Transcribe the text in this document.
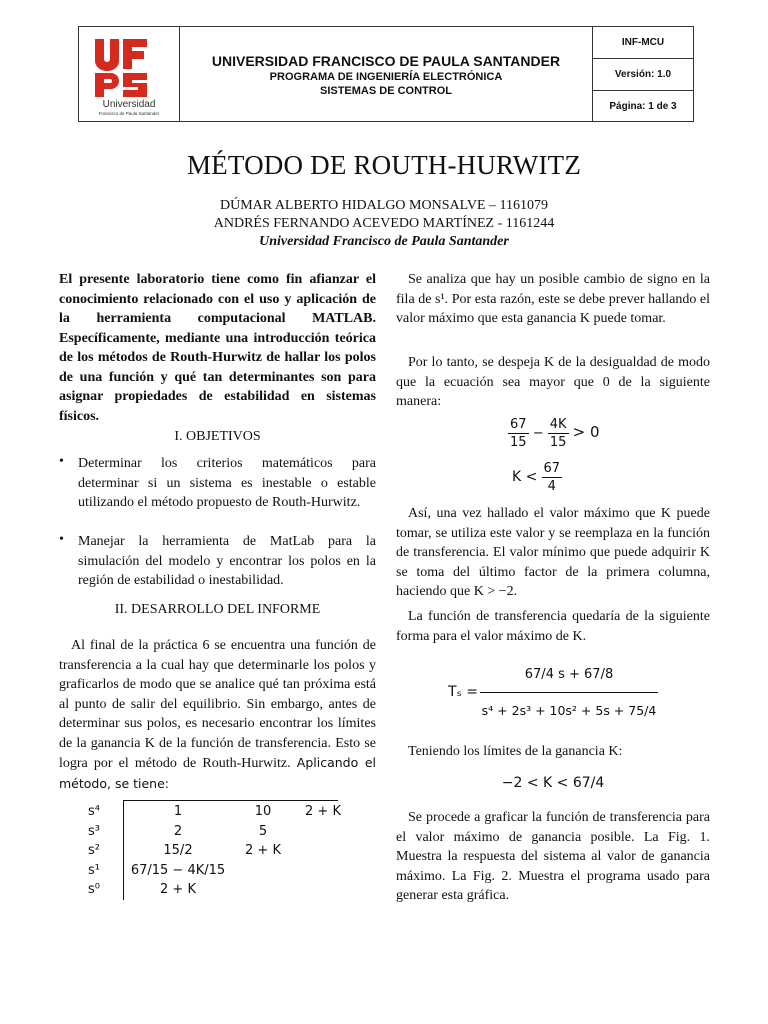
Universidad
Francisco de Paula Santander
UNIVERSIDAD FRANCISCO DE PAULA SANTANDER
PROGRAMA DE INGENIERÍA ELECTRÓNICA
SISTEMAS DE CONTROL
INF-MCU
Versión: 1.0
Página: 1 de 3
MÉTODO DE ROUTH-HURWITZ
DÚMAR ALBERTO HIDALGO MONSALVE – 1161079
ANDRÉS FERNANDO ACEVEDO MARTÍNEZ - 1161244
Universidad Francisco de Paula Santander
El presente laboratorio tiene como fin afianzar el conocimiento relacionado con el uso y aplicación de la herramienta computacional MATLAB. Específicamente, mediante una introducción teórica de los métodos de Routh-Hurwitz de hallar los polos de una función y qué tan determinantes son para asignar propiedades de estabilidad en sistemas físicos.
I. OBJETIVOS
• Determinar los criterios matemáticos para determinar si un sistema es inestable o estable utilizando el método propuesto de Routh-Hurwitz.
• Manejar la herramienta de MatLab para la simulación del modelo y encontrar los polos en la región de estabilidad o inestabilidad.
II. DESARROLLO DEL INFORME
Al final de la práctica 6 se encuentra una función de transferencia a la cual hay que determinarle los polos y graficarlos de modo que se analice qué tan próxima está al punto de salir del equilibrio. Sin embargo, antes de determinar sus polos, es necesario encontrar los límites de la ganancia K de la función de transferencia. Esto se logra por el método de Routh-Hurwitz. Aplicando el método, se tiene:
s⁴	1	10	2 + K
s³	2	5
s²	15/2	2 + K
s¹	67/15 − 4K/15
s⁰	2 + K
Se analiza que hay un posible cambio de signo en la fila de s¹. Por esta razón, este se debe prever hallando el valor máximo que esta ganancia K puede tomar.
Por lo tanto, se despeja K de la desigualdad de modo que la ecuación sea mayor que 0 de la siguiente manera:
$\frac{67}{15} - \frac{4K}{15} > 0$
$K < \frac{67}{4}$
Así, una vez hallado el valor máximo que K puede tomar, se utiliza este valor y se reemplaza en la función de transferencia. El valor mínimo que puede adquirir K se toma del último factor de la primera columna, haciendo que K > −2.
La función de transferencia quedaría de la siguiente forma para el valor máximo de K.
Tₛ =
67/4 s + 67/8
s⁴ + 2s³ + 10s² + 5s + 75/4
Teniendo los límites de la ganancia K:
−2 < K < 67/4
Se procede a graficar la función de transferencia para el valor máximo de ganancia posible. La Fig. 1. Muestra la respuesta del sistema al valor de ganancia máximo. La Fig. 2. Muestra el programa usado para generar esta gráfica.
